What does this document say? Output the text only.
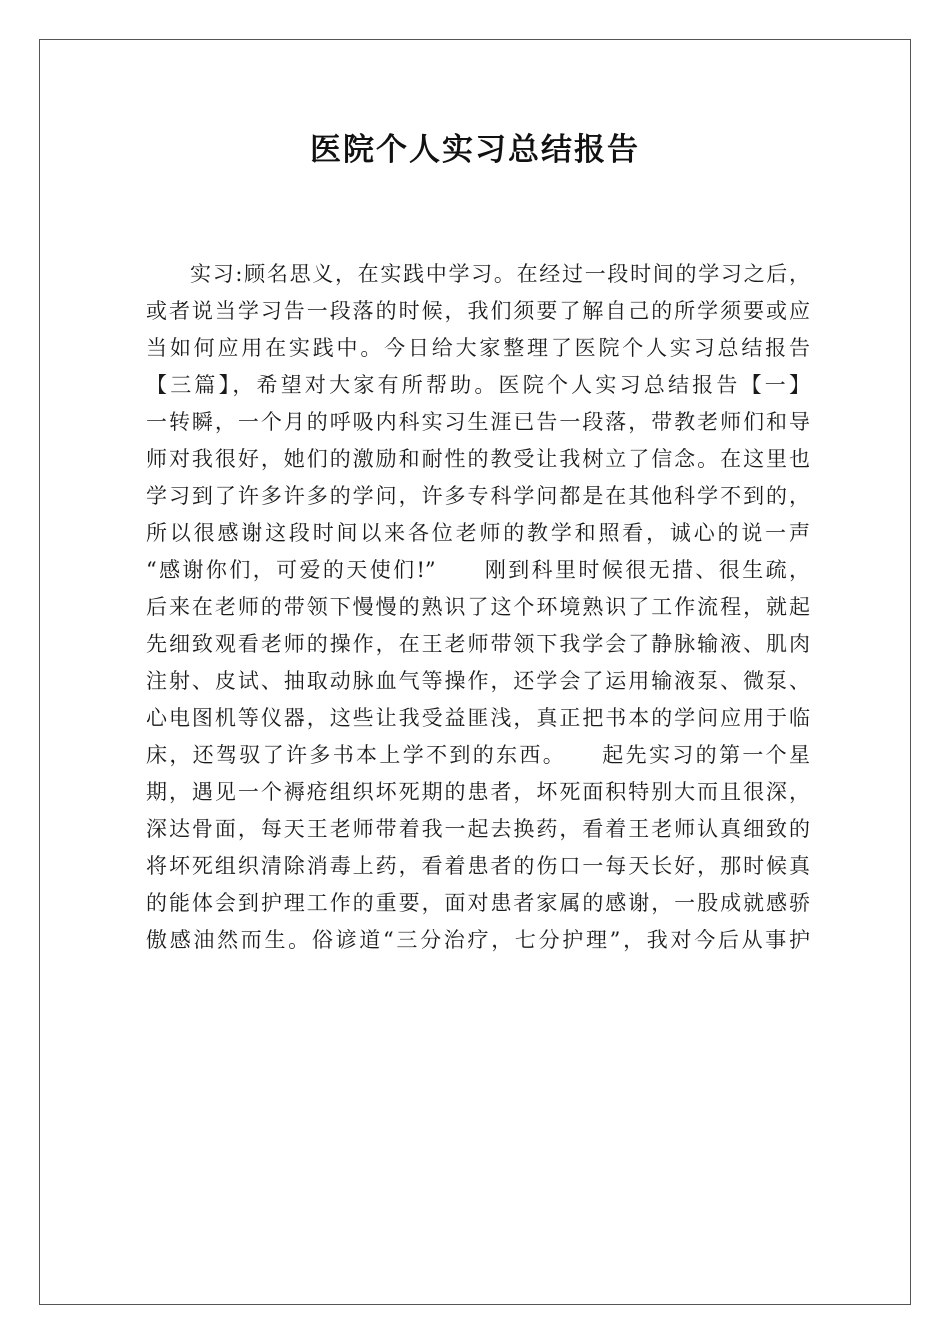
医院个人实习总结报告
实习:顾名思义，在实践中学习。在经过一段时间的学习之后，
或者说当学习告一段落的时候，我们须要了解自己的所学须要或应
当如何应用在实践中。今日给大家整理了医院个人实习总结报告
【三篇】，希望对大家有所帮助。医院个人实习总结报告【一】
一转瞬，一个月的呼吸内科实习生涯已告一段落，带教老师们和导
师对我很好，她们的激励和耐性的教受让我树立了信念。在这里也
学习到了许多许多的学问，许多专科学问都是在其他科学不到的，
所以很感谢这段时间以来各位老师的教学和照看，诚心的说一声
“感谢你们，可爱的天使们!”　　刚到科里时候很无措、很生疏，
后来在老师的带领下慢慢的熟识了这个环境熟识了工作流程，就起
先细致观看老师的操作，在王老师带领下我学会了静脉输液、肌肉
注射、皮试、抽取动脉血气等操作，还学会了运用输液泵、微泵、
心电图机等仪器，这些让我受益匪浅，真正把书本的学问应用于临
床，还驾驭了许多书本上学不到的东西。　　起先实习的第一个星
期，遇见一个褥疮组织坏死期的患者，坏死面积特别大而且很深，
深达骨面，每天王老师带着我一起去换药，看着王老师认真细致的
将坏死组织清除消毒上药，看着患者的伤口一每天长好，那时候真
的能体会到护理工作的重要，面对患者家属的感谢，一股成就感骄
傲感油然而生。俗谚道“三分治疗，七分护理”，我对今后从事护
